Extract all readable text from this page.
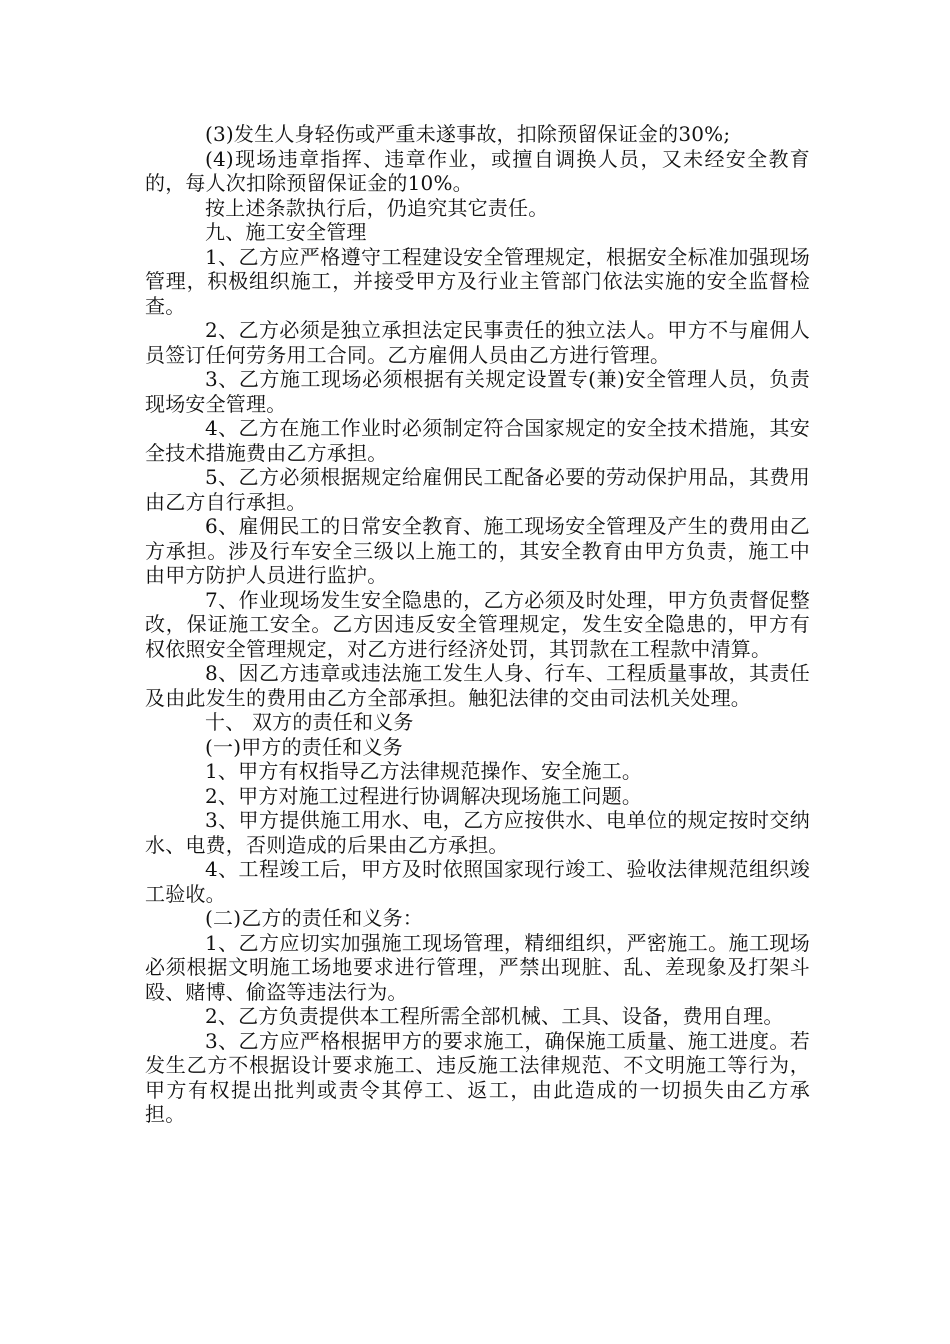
(3)发生人身轻伤或严重未遂事故，扣除预留保证金的30%;

(4)现场违章指挥、违章作业，或擅自调换人员，又未经安全教育的，每人次扣除预留保证金的10%。

按上述条款执行后，仍追究其它责任。

九、施工安全管理

1、乙方应严格遵守工程建设安全管理规定，根据安全标准加强现场管理，积极组织施工，并接受甲方及行业主管部门依法实施的安全监督检查。

2、乙方必须是独立承担法定民事责任的独立法人。甲方不与雇佣人员签订任何劳务用工合同。乙方雇佣人员由乙方进行管理。

3、乙方施工现场必须根据有关规定设置专(兼)安全管理人员，负责现场安全管理。

4、乙方在施工作业时必须制定符合国家规定的安全技术措施，其安全技术措施费由乙方承担。

5、乙方必须根据规定给雇佣民工配备必要的劳动保护用品，其费用由乙方自行承担。

6、雇佣民工的日常安全教育、施工现场安全管理及产生的费用由乙方承担。涉及行车安全三级以上施工的，其安全教育由甲方负责，施工中由甲方防护人员进行监护。

7、作业现场发生安全隐患的，乙方必须及时处理，甲方负责督促整改，保证施工安全。乙方因违反安全管理规定，发生安全隐患的，甲方有权依照安全管理规定，对乙方进行经济处罚，其罚款在工程款中清算。

8、因乙方违章或违法施工发生人身、行车、工程质量事故，其责任及由此发生的费用由乙方全部承担。触犯法律的交由司法机关处理。

十、 双方的责任和义务

(一)甲方的责任和义务

1、甲方有权指导乙方法律规范操作、安全施工。

2、甲方对施工过程进行协调解决现场施工问题。

3、甲方提供施工用水、电，乙方应按供水、电单位的规定按时交纳水、电费，否则造成的后果由乙方承担。

4、工程竣工后，甲方及时依照国家现行竣工、验收法律规范组织竣工验收。

(二)乙方的责任和义务：

1、乙方应切实加强施工现场管理，精细组织，严密施工。施工现场必须根据文明施工场地要求进行管理，严禁出现脏、乱、差现象及打架斗殴、赌博、偷盗等违法行为。

2、乙方负责提供本工程所需全部机械、工具、设备，费用自理。

3、乙方应严格根据甲方的要求施工，确保施工质量、施工进度。若发生乙方不根据设计要求施工、违反施工法律规范、不文明施工等行为，甲方有权提出批判或责令其停工、返工，由此造成的一切损失由乙方承担。
